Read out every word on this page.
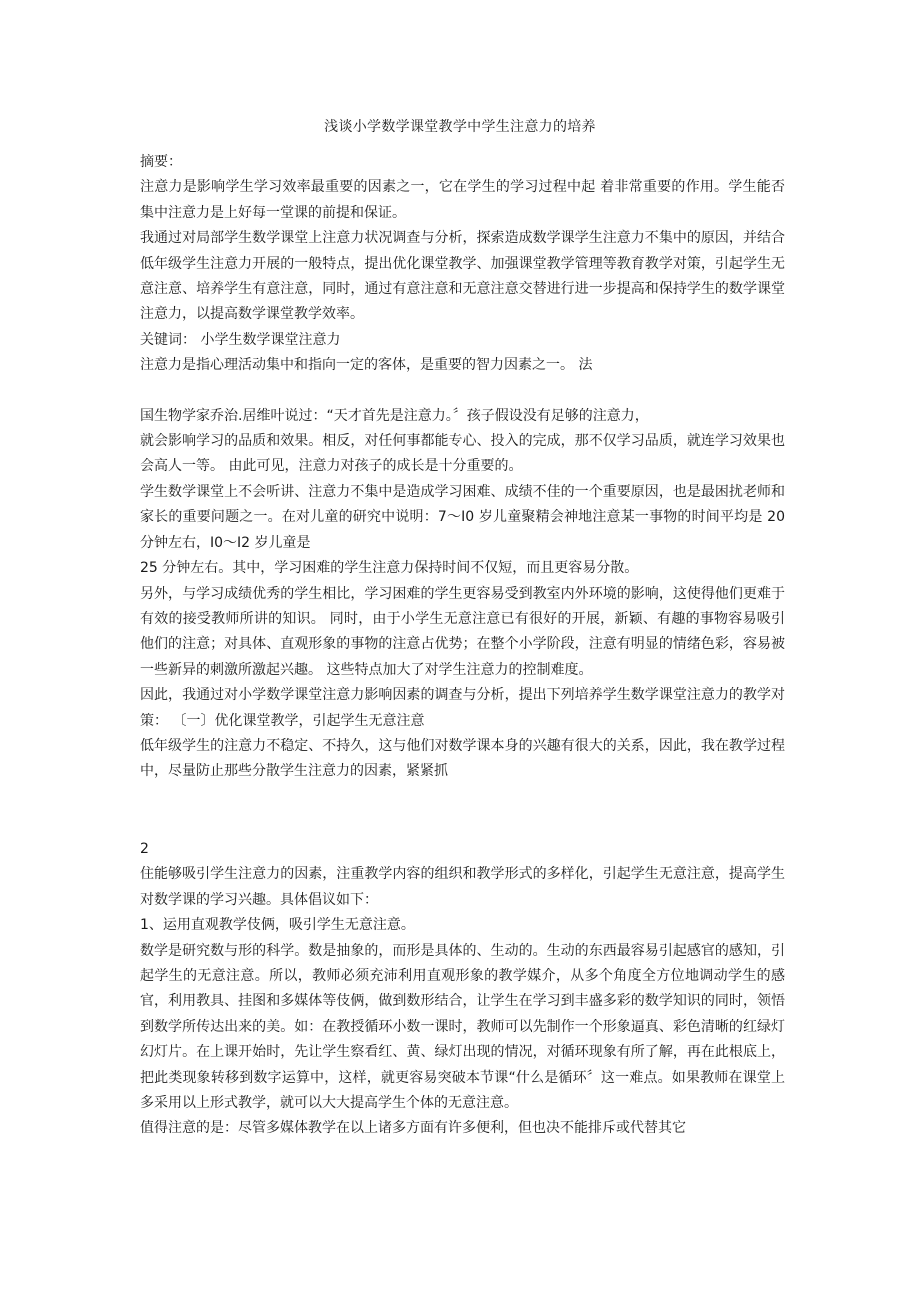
浅谈小学数学课堂教学中学生注意力的培养

摘要：

注意力是影响学生学习效率最重要的因素之一，它在学生的学习过程中起 着非常重要的作用。学生能否集中注意力是上好每一堂课的前提和保证。

我通过对局部学生数学课堂上注意力状况调查与分析，探索造成数学课学生注意力不集中的原因，并结合低年级学生注意力开展的一般特点，提出优化课堂教学、加强课堂教学管理等教育教学对策，引起学生无意注意、培养学生有意注意，同时，通过有意注意和无意注意交替进行进一步提高和保持学生的数学课堂注意力，以提高数学课堂教学效率。

关键词： 小学生数学课堂注意力

注意力是指心理活动集中和指向一定的客体，是重要的智力因素之一。 法

国生物学家乔治.居维叶说过：“天才首先是注意力。〞孩子假设没有足够的注意力，

就会影响学习的品质和效果。相反，对任何事都能专心、投入的完成，那不仅学习品质，就连学习效果也会高人一等。 由此可见，注意力对孩子的成长是十分重要的。

学生数学课堂上不会听讲、注意力不集中是造成学习困难、成绩不佳的一个重要原因，也是最困扰老师和家长的重要问题之一。在对儿童的研究中说明：7～I0 岁儿童聚精会神地注意某一事物的时间平均是 20 分钟左右，I0～I2 岁儿童是

25 分钟左右。其中，学习困难的学生注意力保持时间不仅短，而且更容易分散。

另外，与学习成绩优秀的学生相比，学习困难的学生更容易受到教室内外环境的影响，这使得他们更难于有效的接受教师所讲的知识。 同时，由于小学生无意注意已有很好的开展，新颖、有趣的事物容易吸引他们的注意；对具体、直观形象的事物的注意占优势；在整个小学阶段，注意有明显的情绪色彩，容易被一些新异的刺激所激起兴趣。 这些特点加大了对学生注意力的控制难度。

因此，我通过对小学数学课堂注意力影响因素的调查与分析，提出下列培养学生数学课堂注意力的教学对策： 〔一〕优化课堂教学，引起学生无意注意

低年级学生的注意力不稳定、不持久，这与他们对数学课本身的兴趣有很大的关系，因此，我在教学过程中，尽量防止那些分散学生注意力的因素，紧紧抓

2

住能够吸引学生注意力的因素，注重教学内容的组织和教学形式的多样化，引起学生无意注意，提高学生对数学课的学习兴趣。具体倡议如下：

1、运用直观教学伎俩，吸引学生无意注意。

数学是研究数与形的科学。数是抽象的，而形是具体的、生动的。生动的东西最容易引起感官的感知，引起学生的无意注意。所以，教师必须充沛利用直观形象的教学媒介，从多个角度全方位地调动学生的感官，利用教具、挂图和多媒体等伎俩，做到数形结合，让学生在学习到丰盛多彩的数学知识的同时，领悟到数学所传达出来的美。如：在教授循环小数一课时，教师可以先制作一个形象逼真、彩色清晰的红绿灯幻灯片。在上课开始时，先让学生察看红、黄、绿灯出现的情况，对循环现象有所了解，再在此根底上，把此类现象转移到数字运算中，这样，就更容易突破本节课“什么是循环〞这一难点。如果教师在课堂上多采用以上形式教学，就可以大大提高学生个体的无意注意。

值得注意的是：尽管多媒体教学在以上诸多方面有许多便利，但也决不能排斥或代替其它
